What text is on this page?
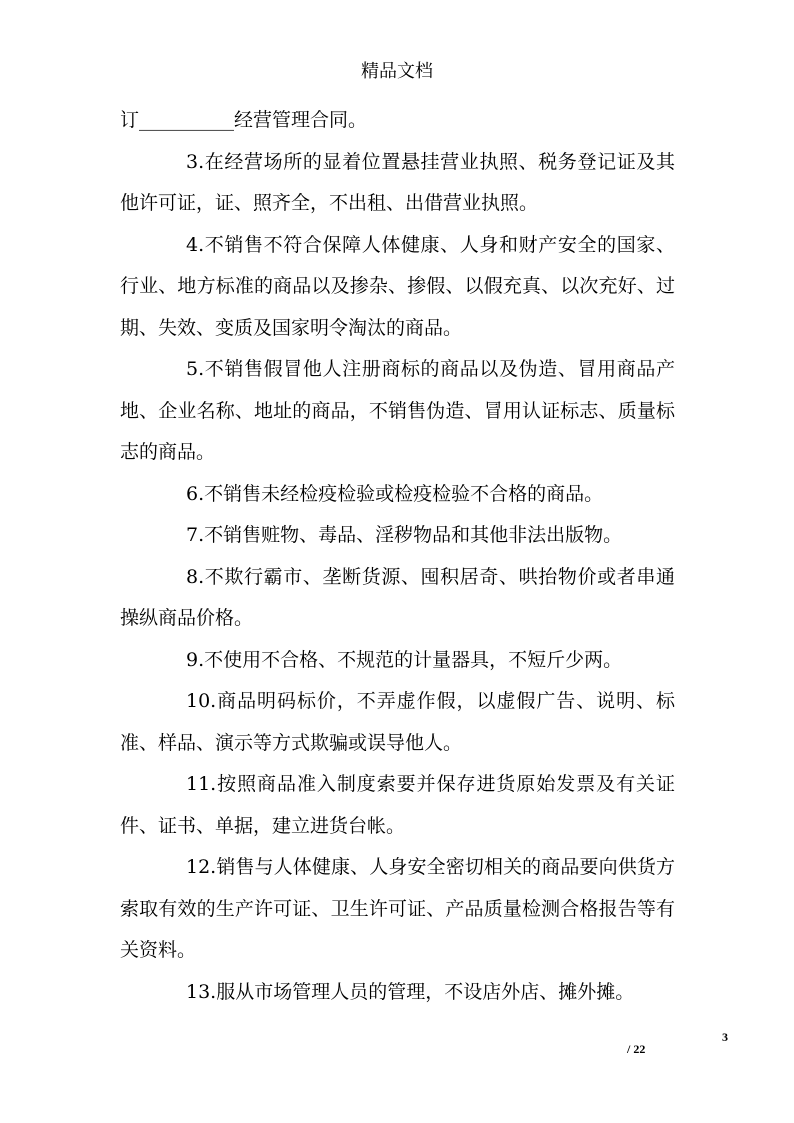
精品文档

订__________经营管理合同。

3.在经营场所的显着位置悬挂营业执照、税务登记证及其他许可证，证、照齐全，不出租、出借营业执照。

4.不销售不符合保障人体健康、人身和财产安全的国家、行业、地方标准的商品以及掺杂、掺假、以假充真、以次充好、过期、失效、变质及国家明令淘汰的商品。

5.不销售假冒他人注册商标的商品以及伪造、冒用商品产地、企业名称、地址的商品，不销售伪造、冒用认证标志、质量标志的商品。

6.不销售未经检疫检验或检疫检验不合格的商品。

7.不销售赃物、毒品、淫秽物品和其他非法出版物。

8.不欺行霸市、垄断货源、囤积居奇、哄抬物价或者串通操纵商品价格。

9.不使用不合格、不规范的计量器具，不短斤少两。

10.商品明码标价，不弄虚作假，以虚假广告、说明、标准、样品、演示等方式欺骗或误导他人。

11.按照商品准入制度索要并保存进货原始发票及有关证件、证书、单据，建立进货台帐。

12.销售与人体健康、人身安全密切相关的商品要向供货方索取有效的生产许可证、卫生许可证、产品质量检测合格报告等有关资料。

13.服从市场管理人员的管理，不设店外店、摊外摊。

3
/ 22
